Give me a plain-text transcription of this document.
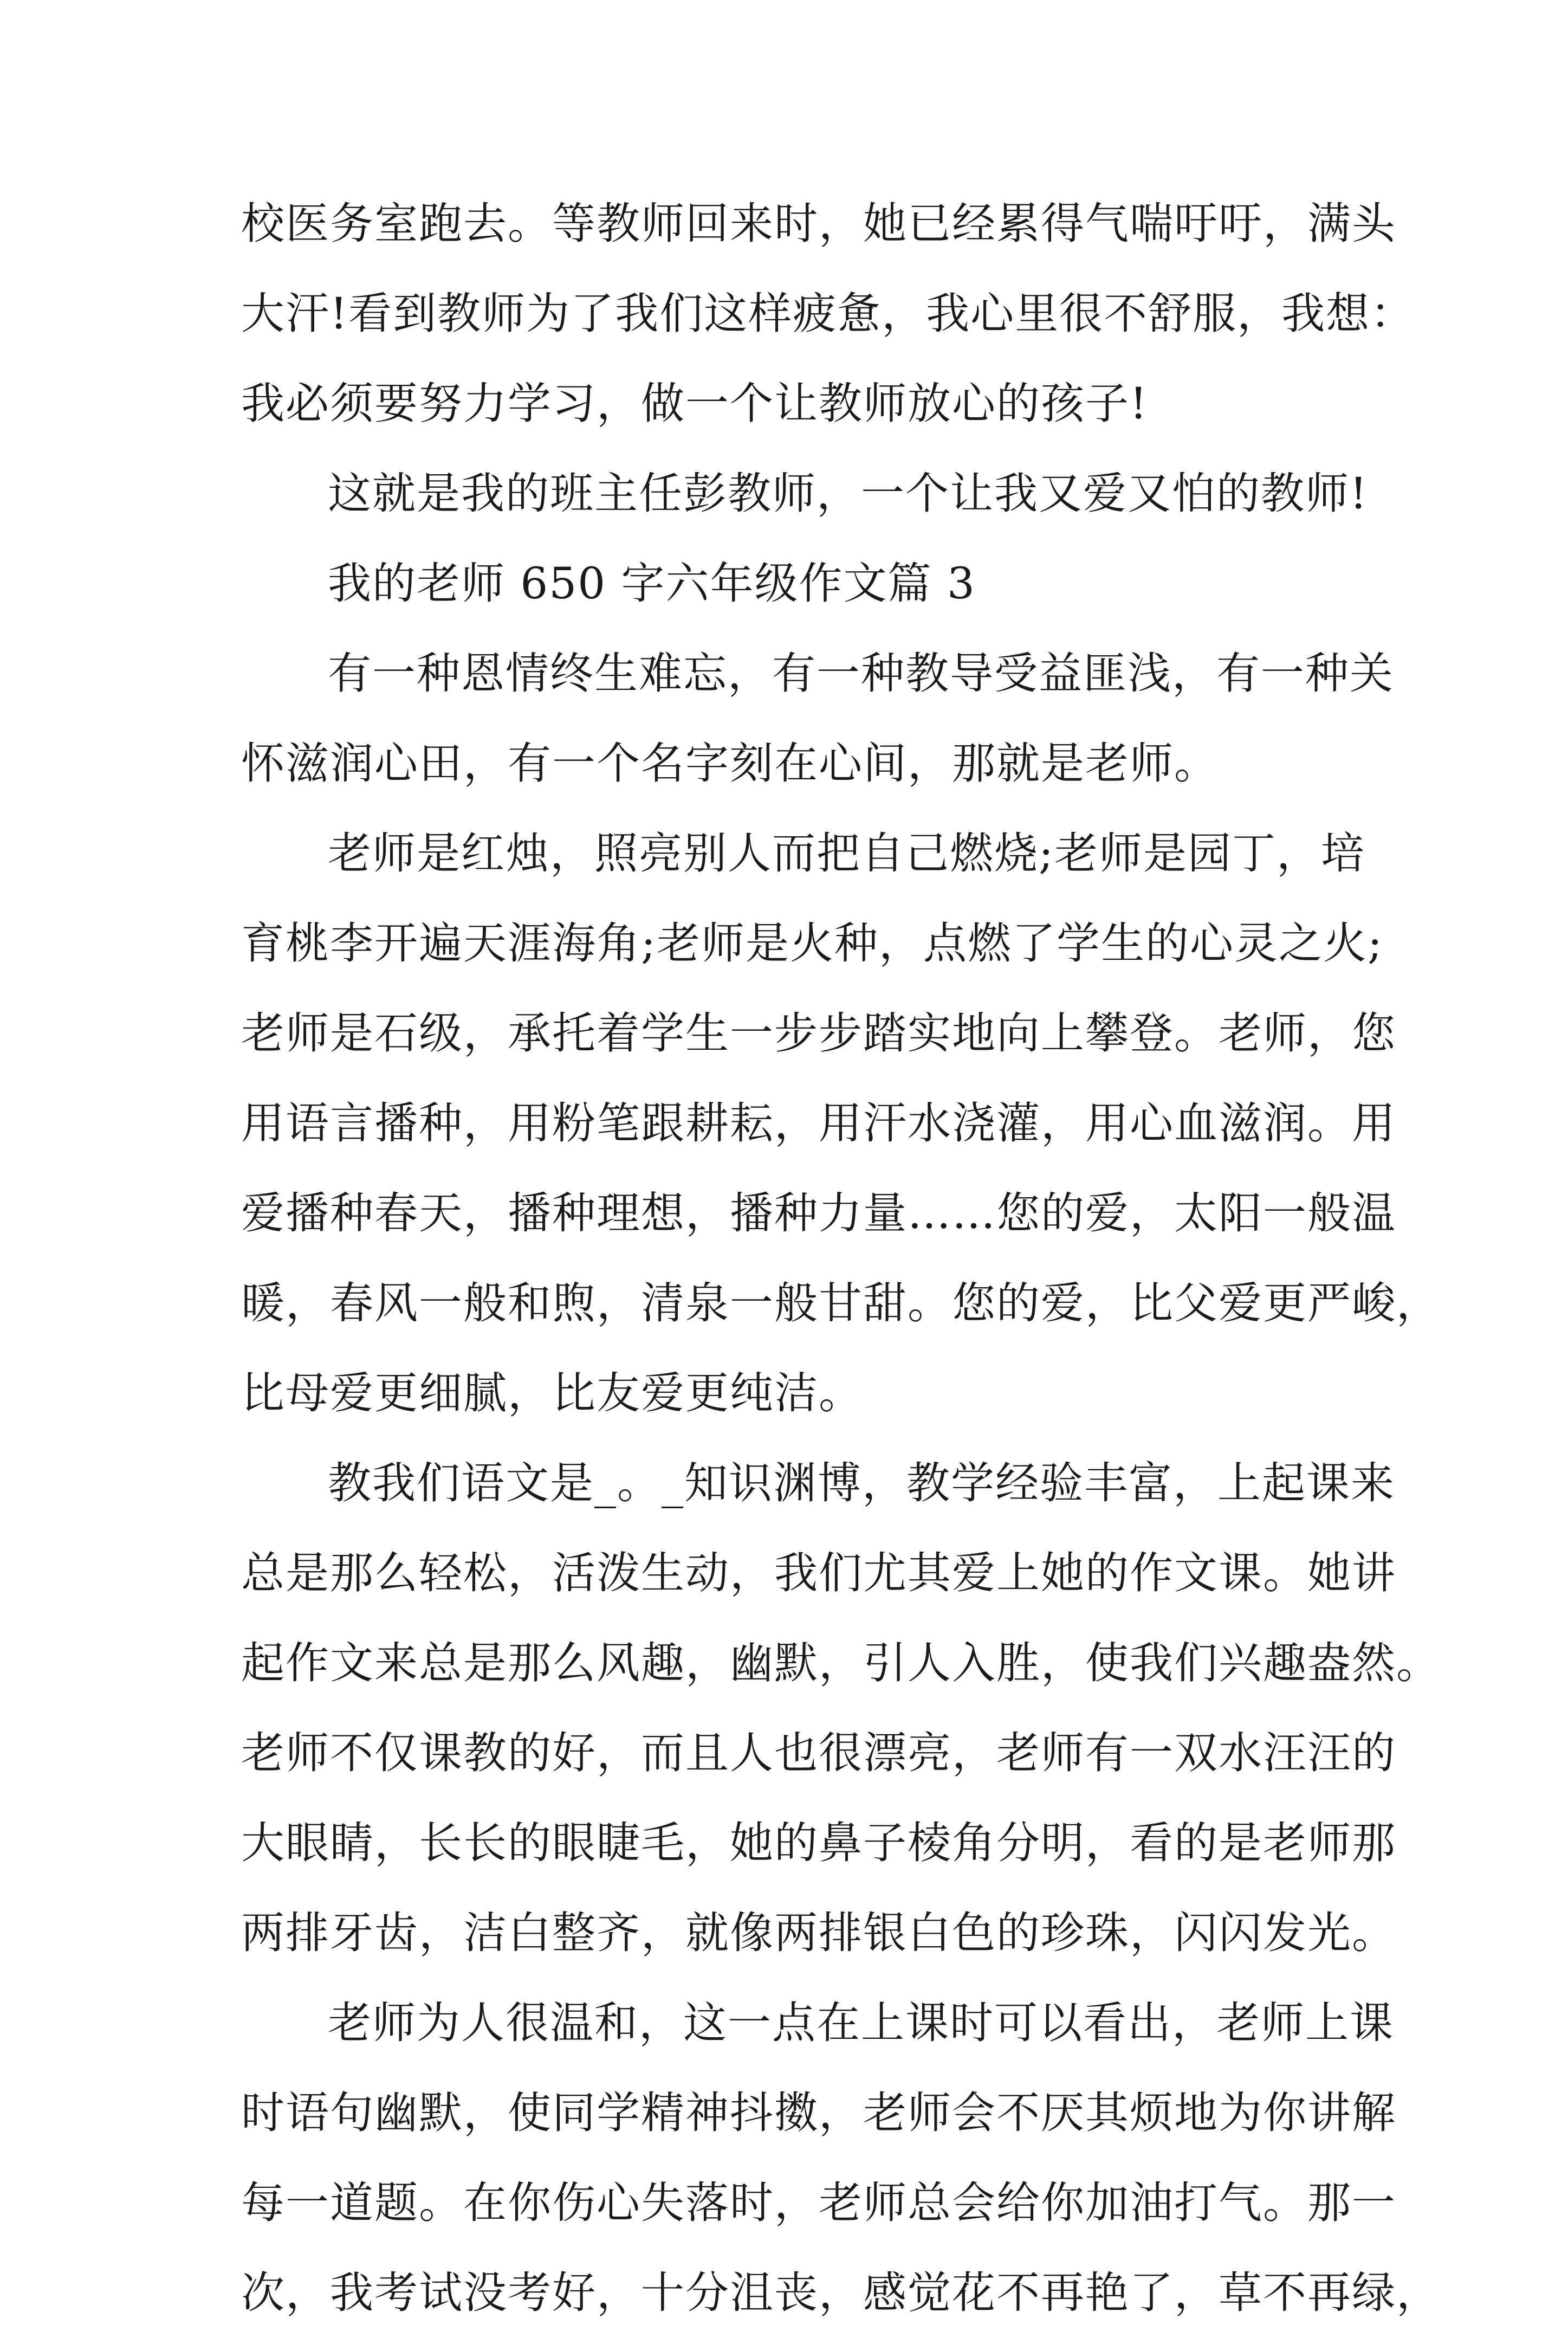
校医务室跑去。等教师回来时，她已经累得气喘吁吁，满头
大汗!看到教师为了我们这样疲惫，我心里很不舒服，我想：
我必须要努力学习，做一个让教师放心的孩子!
这就是我的班主任彭教师，一个让我又爱又怕的教师!
我的老师 650 字六年级作文篇 3
有一种恩情终生难忘，有一种教导受益匪浅，有一种关
怀滋润心田，有一个名字刻在心间，那就是老师。
老师是红烛，照亮别人而把自己燃烧;老师是园丁，培
育桃李开遍天涯海角;老师是火种，点燃了学生的心灵之火;
老师是石级，承托着学生一步步踏实地向上攀登。老师，您
用语言播种，用粉笔跟耕耘，用汗水浇灌，用心血滋润。用
爱播种春天，播种理想，播种力量……您的爱，太阳一般温
暖，春风一般和煦，清泉一般甘甜。您的爱，比父爱更严峻，
比母爱更细腻，比友爱更纯洁。
教我们语文是_。_知识渊博，教学经验丰富，上起课来
总是那么轻松，活泼生动，我们尤其爱上她的作文课。她讲
起作文来总是那么风趣，幽默，引人入胜，使我们兴趣盎然。
老师不仅课教的好，而且人也很漂亮，老师有一双水汪汪的
大眼睛，长长的眼睫毛，她的鼻子棱角分明，看的是老师那
两排牙齿，洁白整齐，就像两排银白色的珍珠，闪闪发光。
老师为人很温和，这一点在上课时可以看出，老师上课
时语句幽默，使同学精神抖擞，老师会不厌其烦地为你讲解
每一道题。在你伤心失落时，老师总会给你加油打气。那一
次，我考试没考好，十分沮丧，感觉花不再艳了，草不再绿，
